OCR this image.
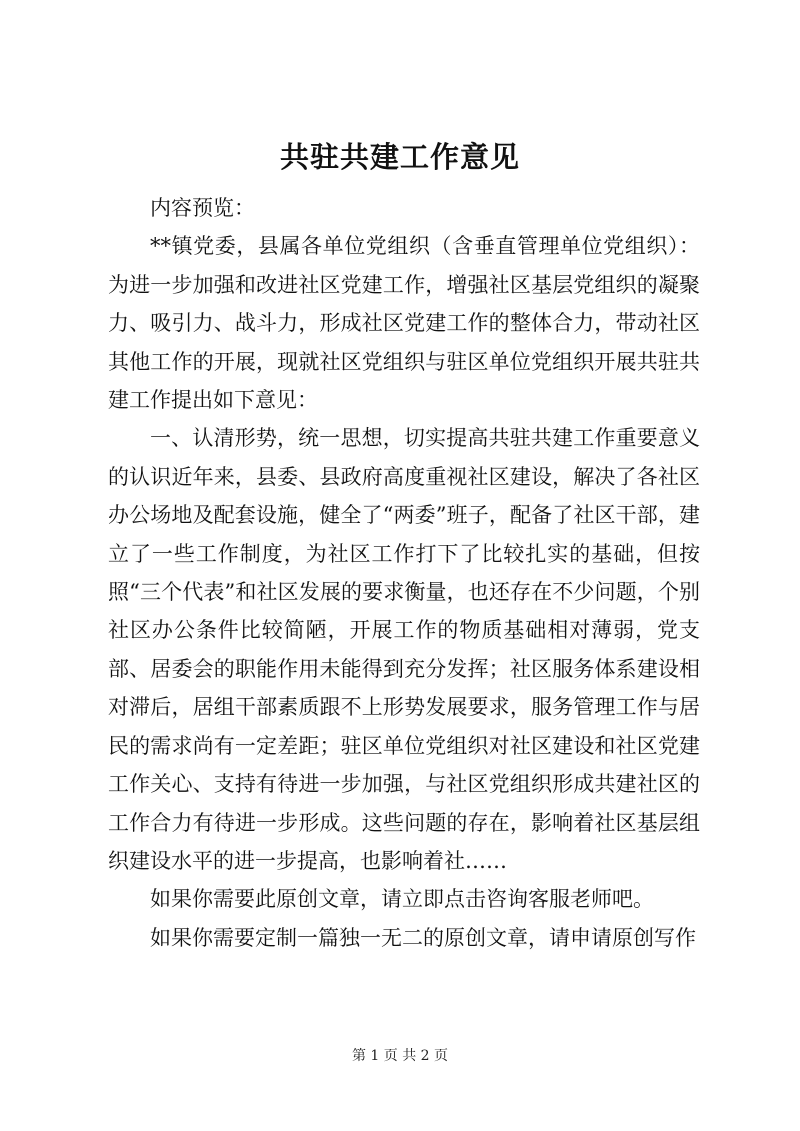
共驻共建工作意见

内容预览：

**镇党委，县属各单位党组织（含垂直管理单位党组织）：为进一步加强和改进社区党建工作，增强社区基层党组织的凝聚力、吸引力、战斗力，形成社区党建工作的整体合力，带动社区其他工作的开展，现就社区党组织与驻区单位党组织开展共驻共建工作提出如下意见：

一、认清形势，统一思想，切实提高共驻共建工作重要意义的认识近年来，县委、县政府高度重视社区建设，解决了各社区办公场地及配套设施，健全了“两委”班子，配备了社区干部，建立了一些工作制度，为社区工作打下了比较扎实的基础，但按照“三个代表”和社区发展的要求衡量，也还存在不少问题，个别社区办公条件比较简陋，开展工作的物质基础相对薄弱，党支部、居委会的职能作用未能得到充分发挥；社区服务体系建设相对滞后，居组干部素质跟不上形势发展要求，服务管理工作与居民的需求尚有一定差距；驻区单位党组织对社区建设和社区党建工作关心、支持有待进一步加强，与社区党组织形成共建社区的工作合力有待进一步形成。这些问题的存在，影响着社区基层组织建设水平的进一步提高，也影响着社……

如果你需要此原创文章，请立即点击咨询客服老师吧。

如果你需要定制一篇独一无二的原创文章，请申请原创写作

第 1 页 共 2 页
